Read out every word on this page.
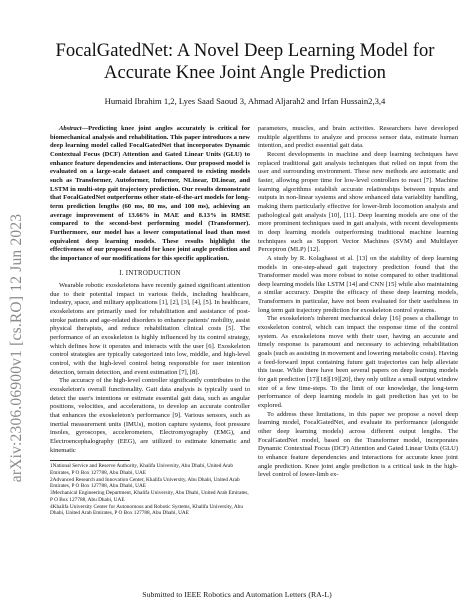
arXiv:2306.06900v1 [cs.RO] 12 Jun 2023
FocalGatedNet: A Novel Deep Learning Model for Accurate Knee Joint Angle Prediction
Humaid Ibrahim 1,2, Lyes Saad Saoud 3, Ahmad Aljarah2 and Irfan Hussain2,3,4

Abstract—Predicting knee joint angles accurately is critical for biomechanical analysis and rehabilitation. This paper introduces a new deep learning model called FocalGatedNet that incorporates Dynamic Contextual Focus (DCF) Attention and Gated Linear Units (GLU) to enhance feature dependencies and interactions. Our proposed model is evaluated on a large-scale dataset and compared to existing models such as Transformer, Autoformer, Informer, NLinear, DLinear, and LSTM in multi-step gait trajectory prediction. Our results demonstrate that FocalGatedNet outperforms other state-of-the-art models for long-term prediction lengths (60 ms, 80 ms, and 100 ms), achieving an average improvement of 13.66% in MAE and 8.13% in RMSE compared to the second-best performing model (Transformer). Furthermore, our model has a lower computational load than most equivalent deep learning models. These results highlight the effectiveness of our proposed model for knee joint angle prediction and the importance of our modifications for this specific application.

I. INTRODUCTION

Wearable robotic exoskeletons have recently gained significant attention due to their potential impact in various fields, including healthcare, industry, space, and military applications [1], [2], [3], [4], [5]. In healthcare, exoskeletons are primarily used for rehabilitation and assistance of post-stroke patients and age-related disorders to enhance patients' mobility, assist physical therapists, and reduce rehabilitation clinical costs [5]. The performance of an exoskeleton is highly influenced by its control strategy, which defines how it operates and interacts with the user [6]. Exoskeleton control strategies are typically categorized into low, middle, and high-level control, with the high-level control being responsible for user intention detection, terrain detection, and event estimation [7], [8].

The accuracy of the high-level controller significantly contributes to the exoskeleton's overall functionality. Gait data analysis is typically used to detect the user's intentions or estimate essential gait data, such as angular positions, velocities, and accelerations, to develop an accurate controller that enhances the exoskeleton's performance [9]. Various sensors, such as inertial measurement units (IMUs), motion capture systems, foot pressure insoles, gyroscopes, accelerometers, Electromyography (EMG), and Electroencephalography (EEG), are utilized to estimate kinematic and kinematic

1National Service and Reserve Authority, Khalifa University, Abu Dhabi, United Arab Emirates, P O Box 127788, Abu Dhabi, UAE

2Advanced Research and Innovation Center, Khalifa University, Abu Dhabi, United Arab Emirates, P O Box 127788, Abu Dhabi, UAE

3Mechanical Engineering Department, Khalifa University, Abu Dhabi, United Arab Emirates, P O Box 127788, Abu Dhabi, UAE

4Khalifa University Center for Autonomous and Robotic Systems, Khalifa University, Abu Dhabi, United Arab Emirates, P O Box 127788, Abu Dhabi, UAE

parameters, muscles, and brain activities. Researchers have developed multiple algorithms to analyze and process sensor data, estimate human intention, and predict essential gait data.

Recent developments in machine and deep learning techniques have replaced traditional gait analysis techniques that relied on input from the user and surrounding environment. These new methods are automatic and faster, allowing proper time for low-level controllers to react [7]. Machine learning algorithms establish accurate relationships between inputs and outputs in non-linear systems and show enhanced data variability handling, making them particularly effective for lower-limb locomotion analysis and pathological gait analysis [10], [11]. Deep learning models are one of the more prominent techniques used in gait analysis, with recent developments in deep learning models outperforming traditional machine learning techniques such as Support Vector Machines (SVM) and Multilayer Perceptron (MLP) [12].

A study by R. Kolaghassi et al. [13] on the stability of deep learning models in one-step-ahead gait trajectory prediction found that the Transformer model was more robust to noise compared to other traditional deep learning models like LSTM [14] and CNN [15] while also maintaining a similar accuracy. Despite the efficacy of these deep learning models, Transformers in particular, have not been evaluated for their usefulness in long term gait trajectory prediction for exoskeleton control systems.

The exoskeleton's inherent mechanical delay [16] poses a challenge to exoskeleton control, which can impact the response time of the control system. As exoskeletons move with their user, having an accurate and timely response is paramount and necessary to achieving rehabilitation goals (such as assisting in movement and lowering metabolic costs). Having a feed-forward input containing future gait trajectories can help alleviate this issue. While there have been several papers on deep learning models for gait prediction [17][18][19][20], they only utilize a small output window size of a few time-steps. To the limit of our knowledge, the long-term performance of deep learning models in gait prediction has yet to be explored.

To address these limitations, in this paper we propose a novel deep learning model, FocalGatedNet, and evaluate its performance (alongside other deep learning models) across different output lengths. The FocalGatedNet model, based on the Transformer model, incorporates Dynamic Contextual Focus (DCF) Attention and Gated Linear Units (GLU) to enhance feature dependencies and interactions for accurate knee joint angle prediction. Knee joint angle prediction is a critical task in the high-level control of lower-limb ex-

Submitted to IEEE Robotics and Automation Letters (RA-L)
